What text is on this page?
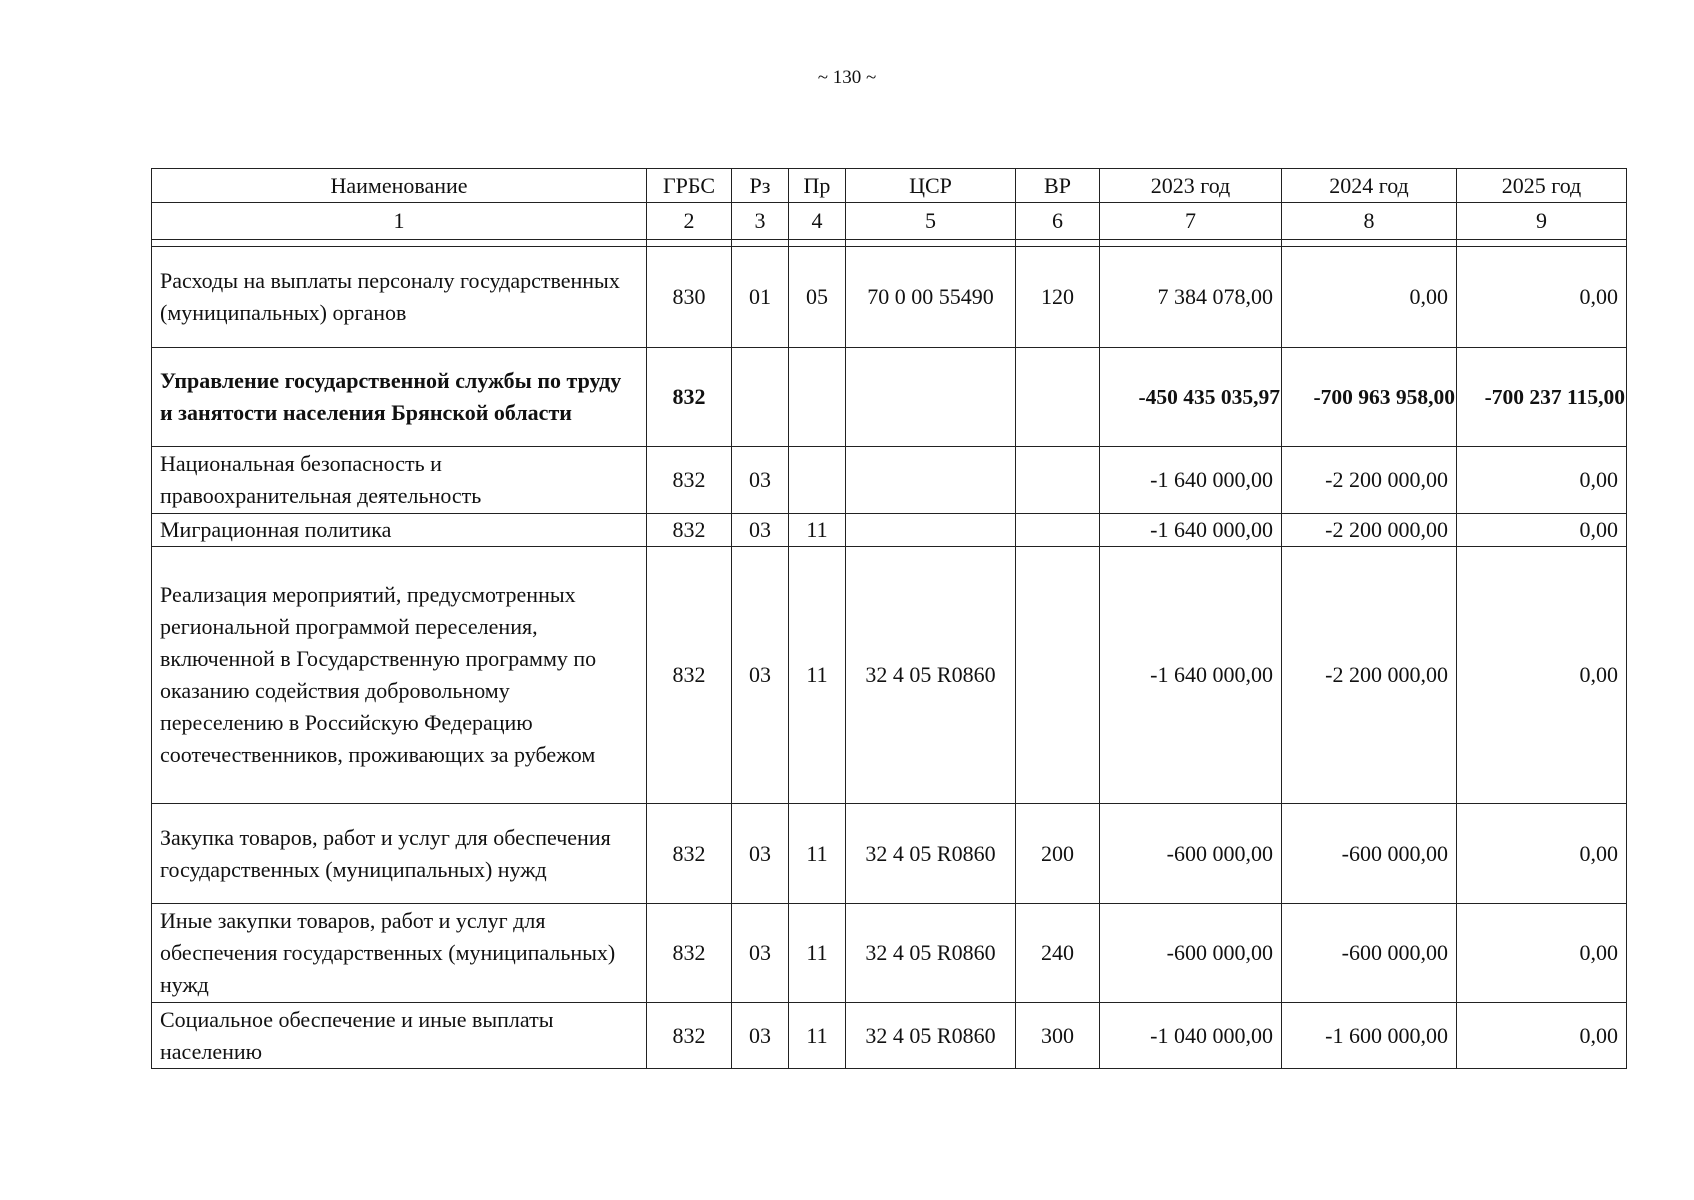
~ 130 ~
Наименование	ГРБС	Рз	Пр	ЦСР	ВР	2023 год	2024 год	2025 год
1	2	3	4	5	6	7	8	9

Расходы на выплаты персоналу государственных (муниципальных) органов	830	01	05	70 0 00 55490	120	7 384 078,00	0,00	0,00
Управление государственной службы по труду и занятости населения Брянской области	832					-450 435 035,97	-700 963 958,00	-700 237 115,00
Национальная безопасность и правоохранительная деятельность	832	03				-1 640 000,00	-2 200 000,00	0,00
Миграционная политика	832	03	11			-1 640 000,00	-2 200 000,00	0,00
Реализация мероприятий, предусмотренных региональной программой переселения, включенной в Государственную программу по оказанию содействия добровольному переселению в Российскую Федерацию соотечественников, проживающих за рубежом	832	03	11	32 4 05 R0860		-1 640 000,00	-2 200 000,00	0,00
Закупка товаров, работ и услуг для обеспечения государственных (муниципальных) нужд	832	03	11	32 4 05 R0860	200	-600 000,00	-600 000,00	0,00
Иные закупки товаров, работ и услуг для обеспечения государственных (муниципальных) нужд	832	03	11	32 4 05 R0860	240	-600 000,00	-600 000,00	0,00
Социальное обеспечение и иные выплаты населению	832	03	11	32 4 05 R0860	300	-1 040 000,00	-1 600 000,00	0,00
